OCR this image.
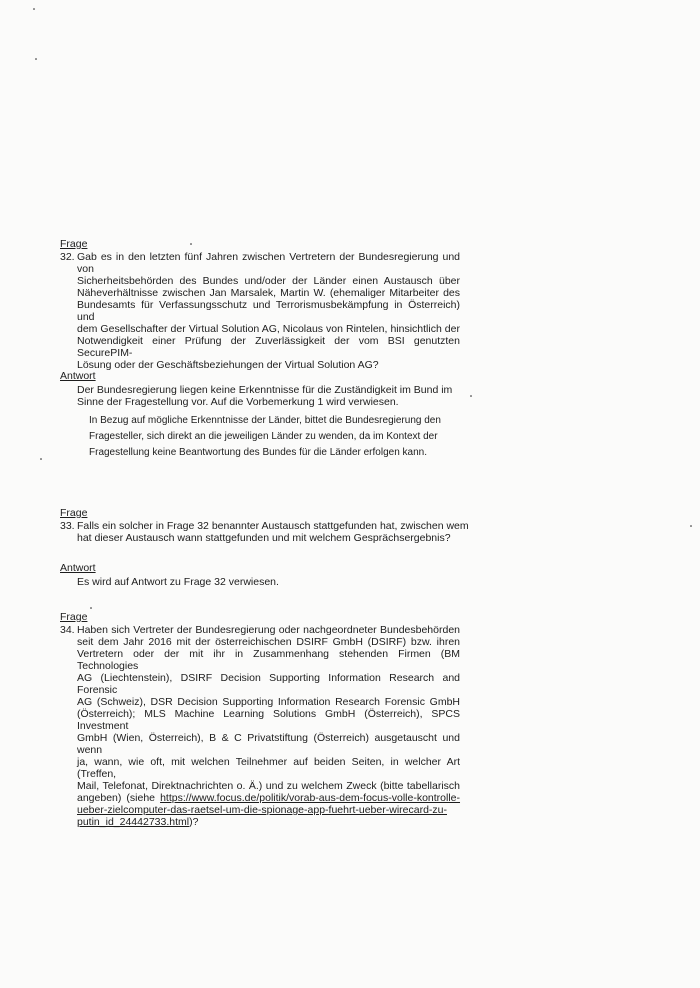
Frage
32. Gab es in den letzten fünf Jahren zwischen Vertretern der Bundesregierung und von
Sicherheitsbehörden des Bundes und/oder der Länder einen Austausch über
Näheverhältnisse zwischen Jan Marsalek, Martin W. (ehemaliger Mitarbeiter des
Bundesamts für Verfassungsschutz und Terrorismusbekämpfung in Österreich) und
dem Gesellschafter der Virtual Solution AG, Nicolaus von Rintelen, hinsichtlich der
Notwendigkeit einer Prüfung der Zuverlässigkeit der vom BSI genutzten SecurePIM-
Lösung oder der Geschäftsbeziehungen der Virtual Solution AG?
Antwort
Der Bundesregierung liegen keine Erkenntnisse für die Zuständigkeit im Bund im
Sinne der Fragestellung vor. Auf die Vorbemerkung 1 wird verwiesen.
In Bezug auf mögliche Erkenntnisse der Länder, bittet die Bundesregierung den
Fragesteller, sich direkt an die jeweiligen Länder zu wenden, da im Kontext der
Fragestellung keine Beantwortung des Bundes für die Länder erfolgen kann.
Frage
33. Falls ein solcher in Frage 32 benannter Austausch stattgefunden hat, zwischen wem
hat dieser Austausch wann stattgefunden und mit welchem Gesprächsergebnis?
Antwort
Es wird auf Antwort zu Frage 32 verwiesen.
Frage
34. Haben sich Vertreter der Bundesregierung oder nachgeordneter Bundesbehörden
seit dem Jahr 2016 mit der österreichischen DSIRF GmbH (DSIRF) bzw. ihren
Vertretern oder der mit ihr in Zusammenhang stehenden Firmen (BM Technologies
AG (Liechtenstein), DSIRF Decision Supporting Information Research and Forensic
AG (Schweiz), DSR Decision Supporting Information Research Forensic GmbH
(Österreich); MLS Machine Learning Solutions GmbH (Österreich), SPCS Investment
GmbH (Wien, Österreich), B & C Privatstiftung (Österreich) ausgetauscht und wenn
ja, wann, wie oft, mit welchen Teilnehmer auf beiden Seiten, in welcher Art (Treffen,
Mail, Telefonat, Direktnachrichten o. Ä.) und zu welchem Zweck (bitte tabellarisch
angeben) (siehe https://www.focus.de/politik/vorab-aus-dem-focus-volle-kontrolle-
ueber-zielcomputer-das-raetsel-um-die-spionage-app-fuehrt-ueber-wirecard-zu-
putin_id_24442733.html)?
